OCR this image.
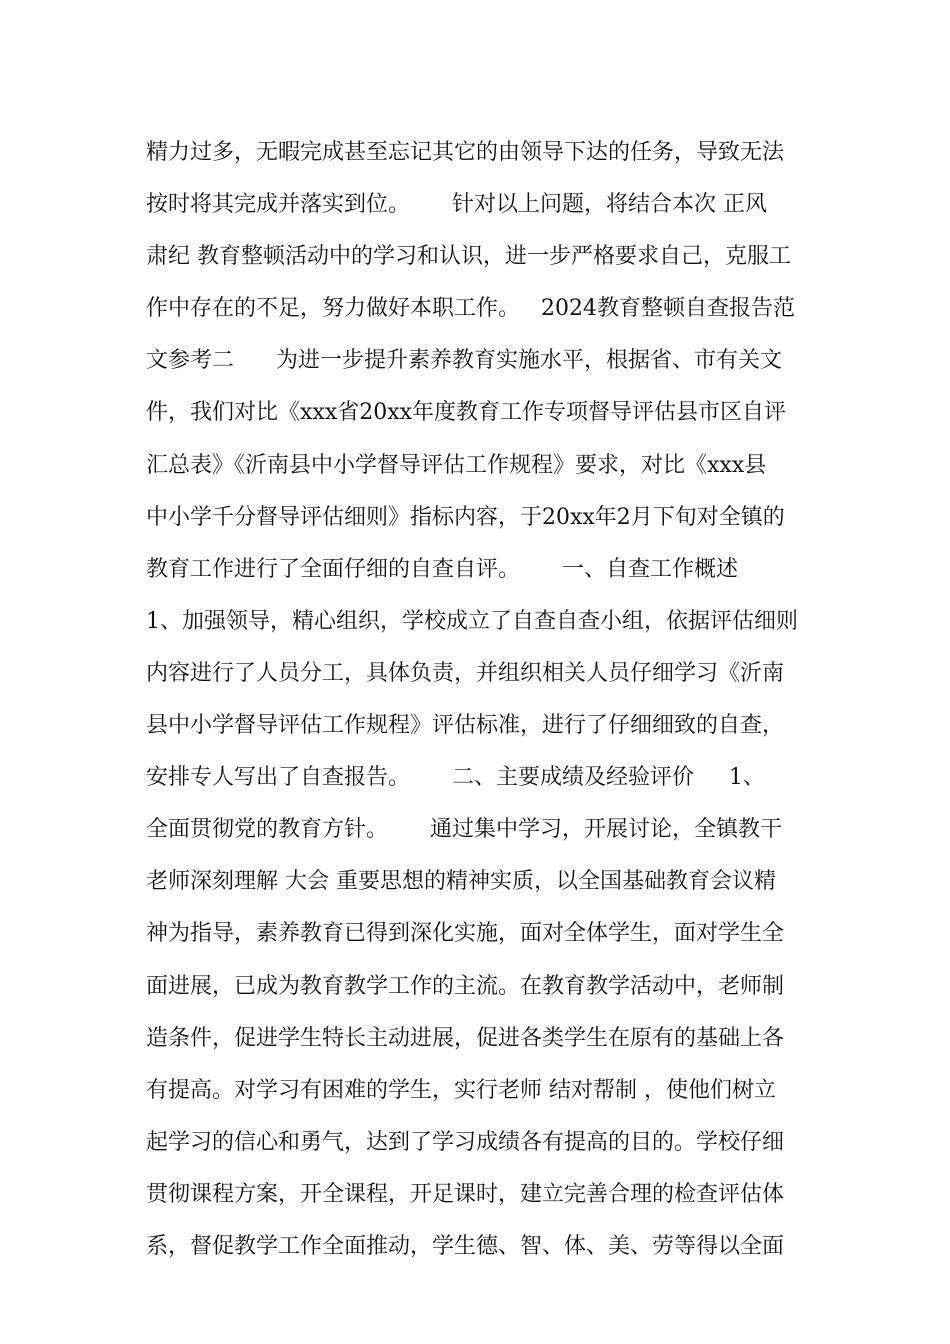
精力过多，无暇完成甚至忘记其它的由领导下达的任务，导致无法
按时将其完成并落实到位。      针对以上问题，将结合本次 正风
肃纪 教育整顿活动中的学习和认识，进一步严格要求自己，克服工
作中存在的不足，努力做好本职工作。   2024教育整顿自查报告范
文参考二      为进一步提升素养教育实施水平，根据省、市有关文
件，我们对比《xxx省20xx年度教育工作专项督导评估县市区自评
汇总表》《沂南县中小学督导评估工作规程》要求，对比《xxx县
中小学千分督导评估细则》指标内容，于20xx年2月下旬对全镇的
教育工作进行了全面仔细的自查自评。      一、自查工作概述
1、加强领导，精心组织，学校成立了自查自查小组，依据评估细则
内容进行了人员分工，具体负责，并组织相关人员仔细学习《沂南
县中小学督导评估工作规程》评估标准，进行了仔细细致的自查，
安排专人写出了自查报告。      二、主要成绩及经验评价     1、
全面贯彻党的教育方针。      通过集中学习，开展讨论，全镇教干
老师深刻理解 大会 重要思想的精神实质，以全国基础教育会议精
神为指导，素养教育已得到深化实施，面对全体学生，面对学生全
面进展，已成为教育教学工作的主流。在教育教学活动中，老师制
造条件，促进学生特长主动进展，促进各类学生在原有的基础上各
有提高。对学习有困难的学生，实行老师 结对帮制 ，使他们树立
起学习的信心和勇气，达到了学习成绩各有提高的目的。学校仔细
贯彻课程方案，开全课程，开足课时，建立完善合理的检查评估体
系，督促教学工作全面推动，学生德、智、体、美、劳等得以全面
